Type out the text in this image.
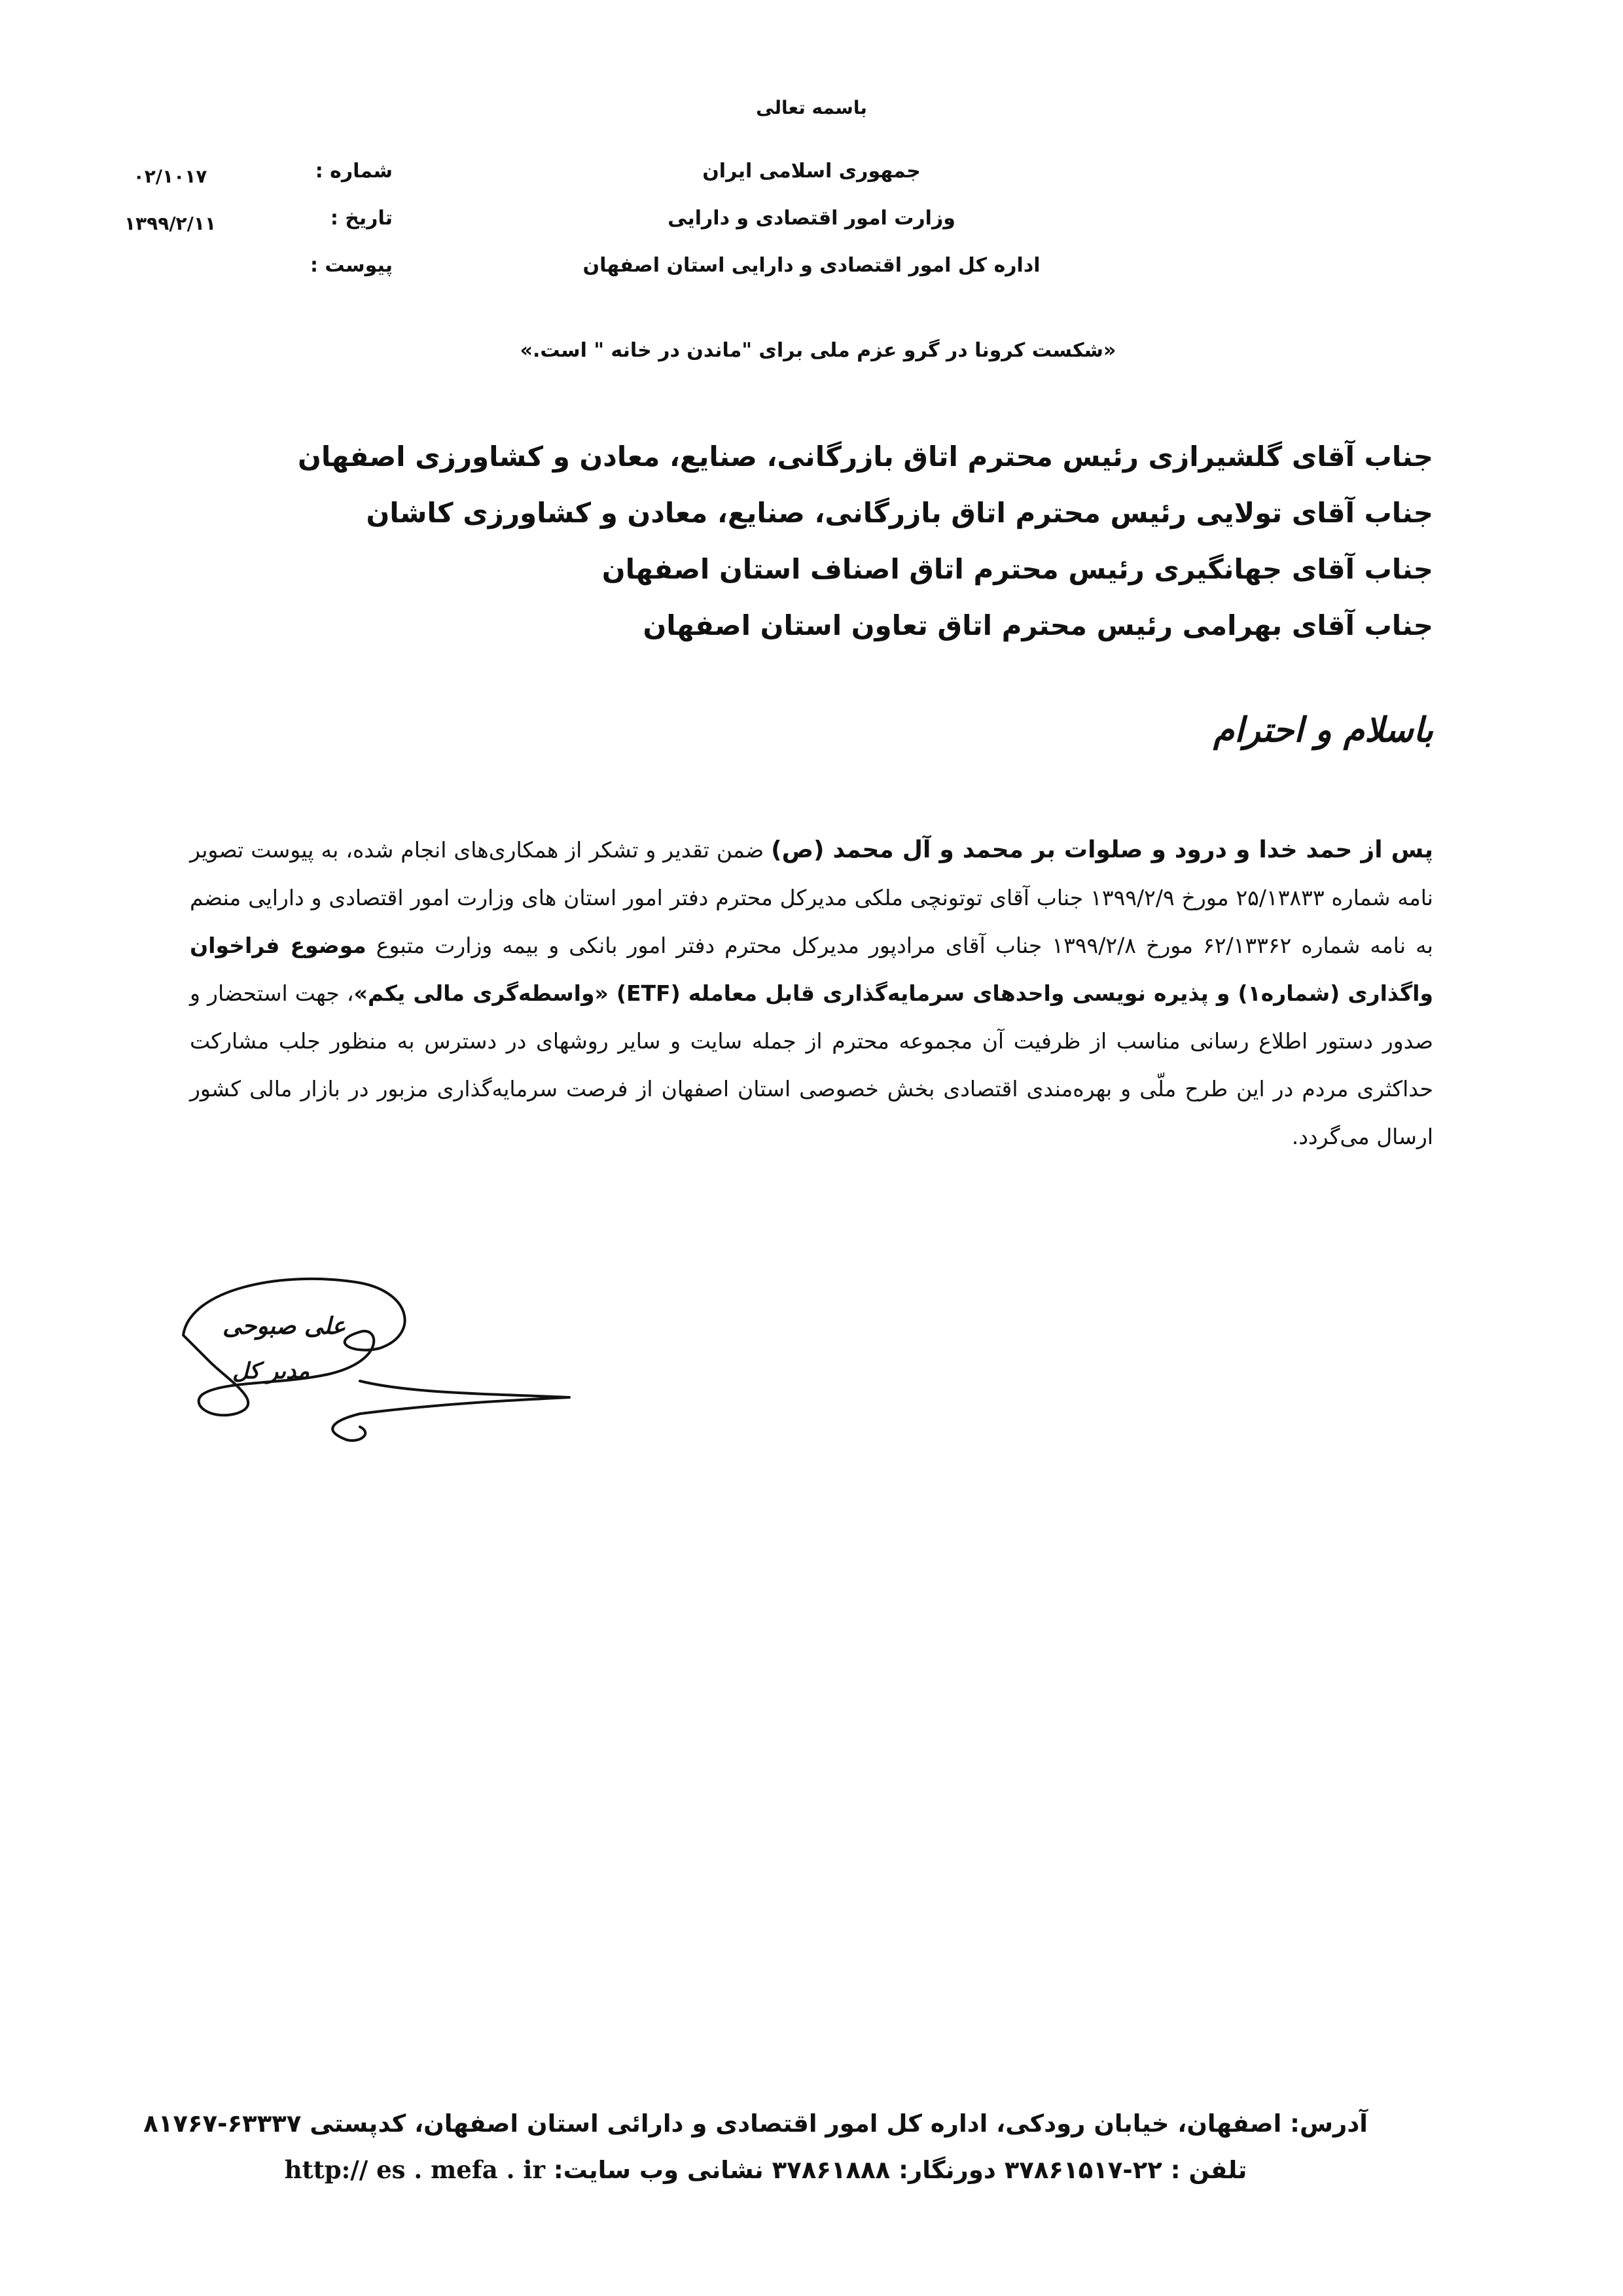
باسمه تعالی
جمهوری اسلامی ایران
وزارت امور اقتصادی و دارایی
اداره کل امور اقتصادی و دارایی استان اصفهان
شماره :
تاریخ :
پیوست :
۰۲/۱۰۱۷
۱۳۹۹/۲/۱۱
«شکست کرونا در گرو عزم ملی برای "ماندن در خانه " است.»
جناب آقای گلشیرازی رئیس محترم اتاق بازرگانی، صنایع، معادن و کشاورزی اصفهان
جناب آقای تولایی رئیس محترم اتاق بازرگانی، صنایع، معادن و کشاورزی کاشان
جناب آقای جهانگیری رئیس محترم اتاق اصناف استان اصفهان
جناب آقای بهرامی رئیس محترم اتاق تعاون استان اصفهان
باسلام و احترام
پس از حمد خدا و درود و صلوات بر محمد و آل محمد (ص) ضمن تقدیر و تشکر از همکاری‌های انجام شده، به پیوست تصویر نامه شماره ۲۵/۱۳۸۳۳ مورخ ۱۳۹۹/۲/۹ جناب آقای توتونچی ملکی مدیرکل محترم دفتر امور استان های وزارت امور اقتصادی و دارایی منضم به نامه شماره ۶۲/۱۳۳۶۲ مورخ ۱۳۹۹/۲/۸ جناب آقای مرادپور مدیرکل محترم دفتر امور بانکی و بیمه وزارت متبوع موضوع فراخوان واگذاری (شماره۱) و پذیره نویسی واحدهای سرمایه‌گذاری قابل معامله (ETF) «واسطه‌گری مالی یکم»، جهت استحضار و صدور دستور اطلاع رسانی مناسب از ظرفیت آن مجموعه محترم از جمله سایت و سایر روشهای در دسترس به منظور جلب مشارکت حداکثری مردم در این طرح ملّی و بهره‌مندی اقتصادی بخش خصوصی استان اصفهان از فرصت سرمایه‌گذاری مزبور در بازار مالی کشور ارسال می‌گردد.
علی صبوحی
مدیر کل
آدرس: اصفهان، خیابان رودکی، اداره کل امور اقتصادی و دارائی استان اصفهان، کدپستی ۶۳۳۳۷-۸۱۷۶۷
تلفن : ۲۲-۳۷۸۶۱۵۱۷ دورنگار: ۳۷۸۶۱۸۸۸ نشانی وب سایت: http:// es . mefa . ir
